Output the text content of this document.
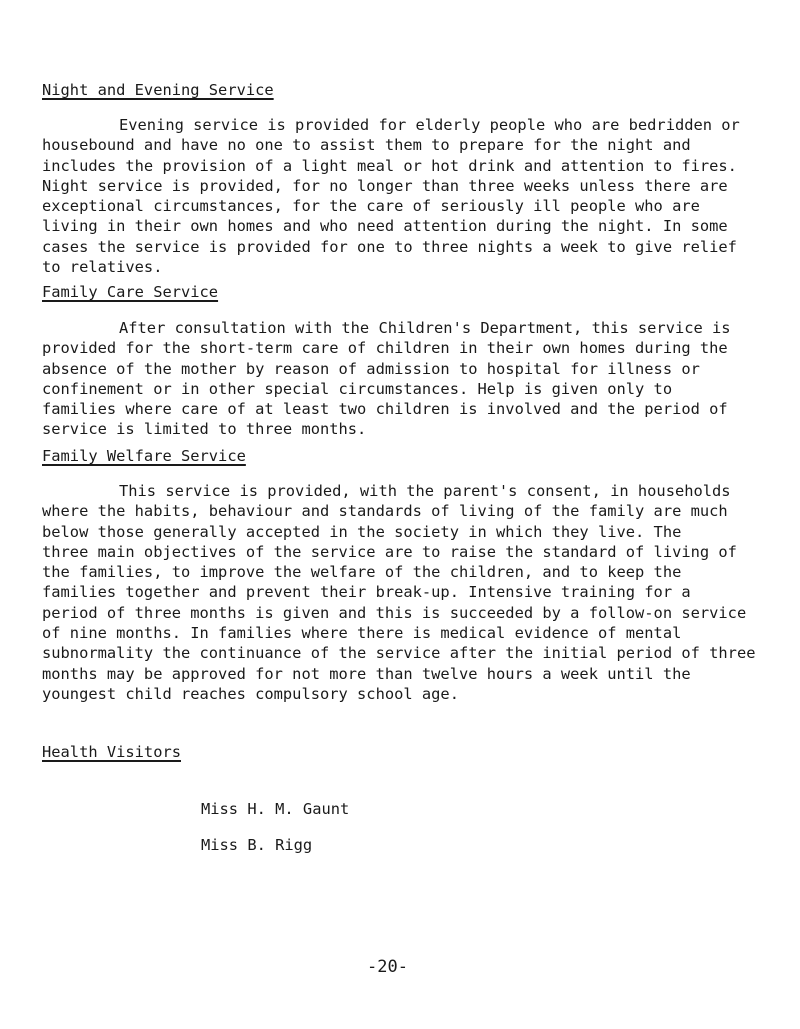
Night and Evening Service
Evening service is provided for elderly people who are bedridden or
housebound and have no one to assist them to prepare for the night and
includes the provision of a light meal or hot drink and attention to fires.
Night service is provided, for no longer than three weeks unless there are
exceptional circumstances, for the care of seriously ill people who are
living in their own homes and who need attention during the night. In some
cases the service is provided for one to three nights a week to give relief
to relatives.
Family Care Service
After consultation with the Children's Department, this service is
provided for the short-term care of children in their own homes during the
absence of the mother by reason of admission to hospital for illness or
confinement or in other special circumstances. Help is given only to
families where care of at least two children is involved and the period of
service is limited to three months.
Family Welfare Service
This service is provided, with the parent's consent, in households
where the habits, behaviour and standards of living of the family are much
below those generally accepted in the society in which they live. The
three main objectives of the service are to raise the standard of living of
the families, to improve the welfare of the children, and to keep the
families together and prevent their break-up. Intensive training for a
period of three months is given and this is succeeded by a follow-on service
of nine months. In families where there is medical evidence of mental
subnormality the continuance of the service after the initial period of three
months may be approved for not more than twelve hours a week until the
youngest child reaches compulsory school age.
Health Visitors
Miss H. M. Gaunt
Miss B. Rigg
-20-
